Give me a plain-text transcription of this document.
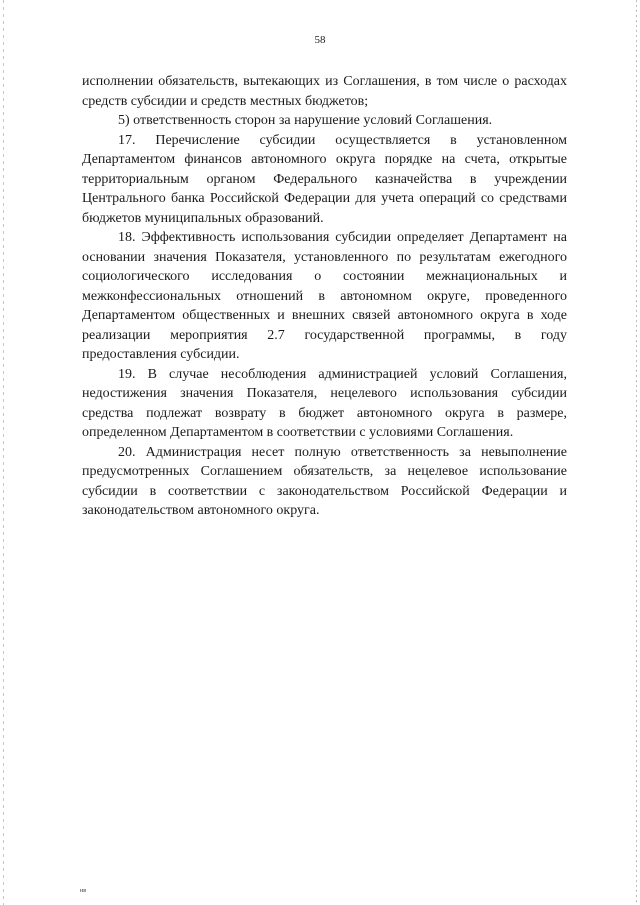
58

исполнении обязательств, вытекающих из Соглашения, в том числе о расходах средств субсидии и средств местных бюджетов;

5) ответственность сторон за нарушение условий Соглашения.

17. Перечисление субсидии осуществляется в установленном Департаментом финансов автономного округа порядке на счета, открытые территориальным органом Федерального казначейства в учреждении Центрального банка Российской Федерации для учета операций со средствами бюджетов муниципальных образований.

18. Эффективность использования субсидии определяет Департамент на основании значения Показателя, установленного по результатам ежегодного социологического исследования о состоянии межнациональных и межконфессиональных отношений в автономном округе, проведенного Департаментом общественных и внешних связей автономного округа в ходе реализации мероприятия 2.7 государственной программы, в году предоставления субсидии.

19. В случае несоблюдения администрацией условий Соглашения, недостижения значения Показателя, нецелевого использования субсидии средства подлежат возврату в бюджет автономного округа в размере, определенном Департаментом в соответствии с условиями Соглашения.

20. Администрация несет полную ответственность за невыполнение предусмотренных Соглашением обязательств, за нецелевое использование субсидии в соответствии с законодательством Российской Федерации и законодательством автономного округа.

нв
